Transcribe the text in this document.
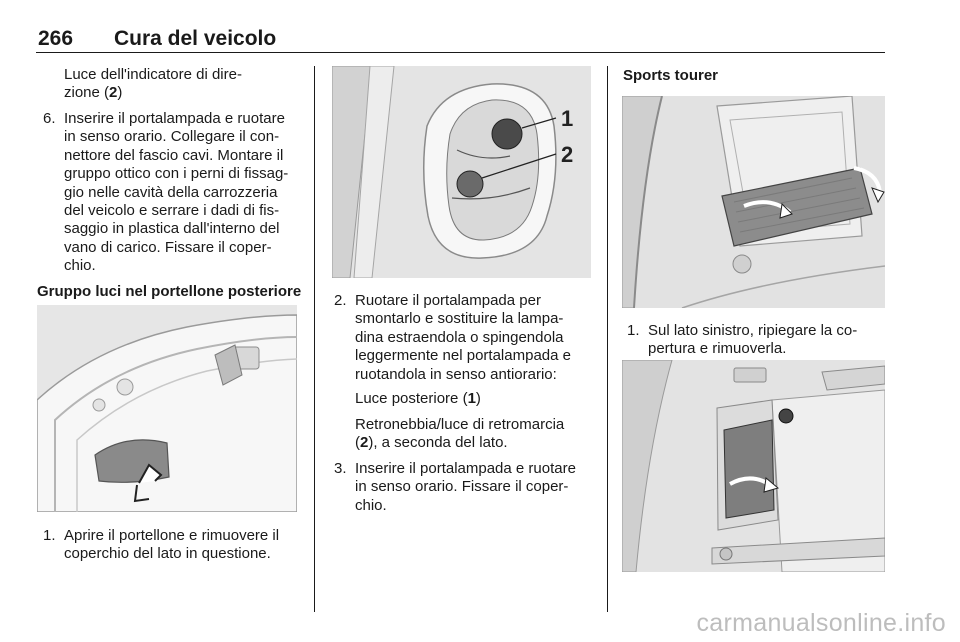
266 Cura del veicolo
Luce dell'indicatore di dire-
zione (2)
6. Inserire il portalampada e ruotare
in senso orario. Collegare il con-
nettore del fascio cavi. Montare il
gruppo ottico con i perni di fissag-
gio nelle cavità della carrozzeria
del veicolo e serrare i dadi di fis-
saggio in plastica dall'interno del
vano di carico. Fissare il coper-
chio.
Gruppo luci nel portellone posteriore
1. Aprire il portellone e rimuovere il
coperchio del lato in questione.
1
2
2. Ruotare il portalampada per
smontarlo e sostituire la lampa-
dina estraendola o spingendola
leggermente nel portalampada e
ruotandola in senso antiorario:
Luce posteriore (1)
Retronebbia/luce di retromarcia
(2), a seconda del lato.
3. Inserire il portalampada e ruotare
in senso orario. Fissare il coper-
chio.
Sports tourer
1. Sul lato sinistro, ripiegare la co-
pertura e rimuoverla.
carmanualsonline.info
